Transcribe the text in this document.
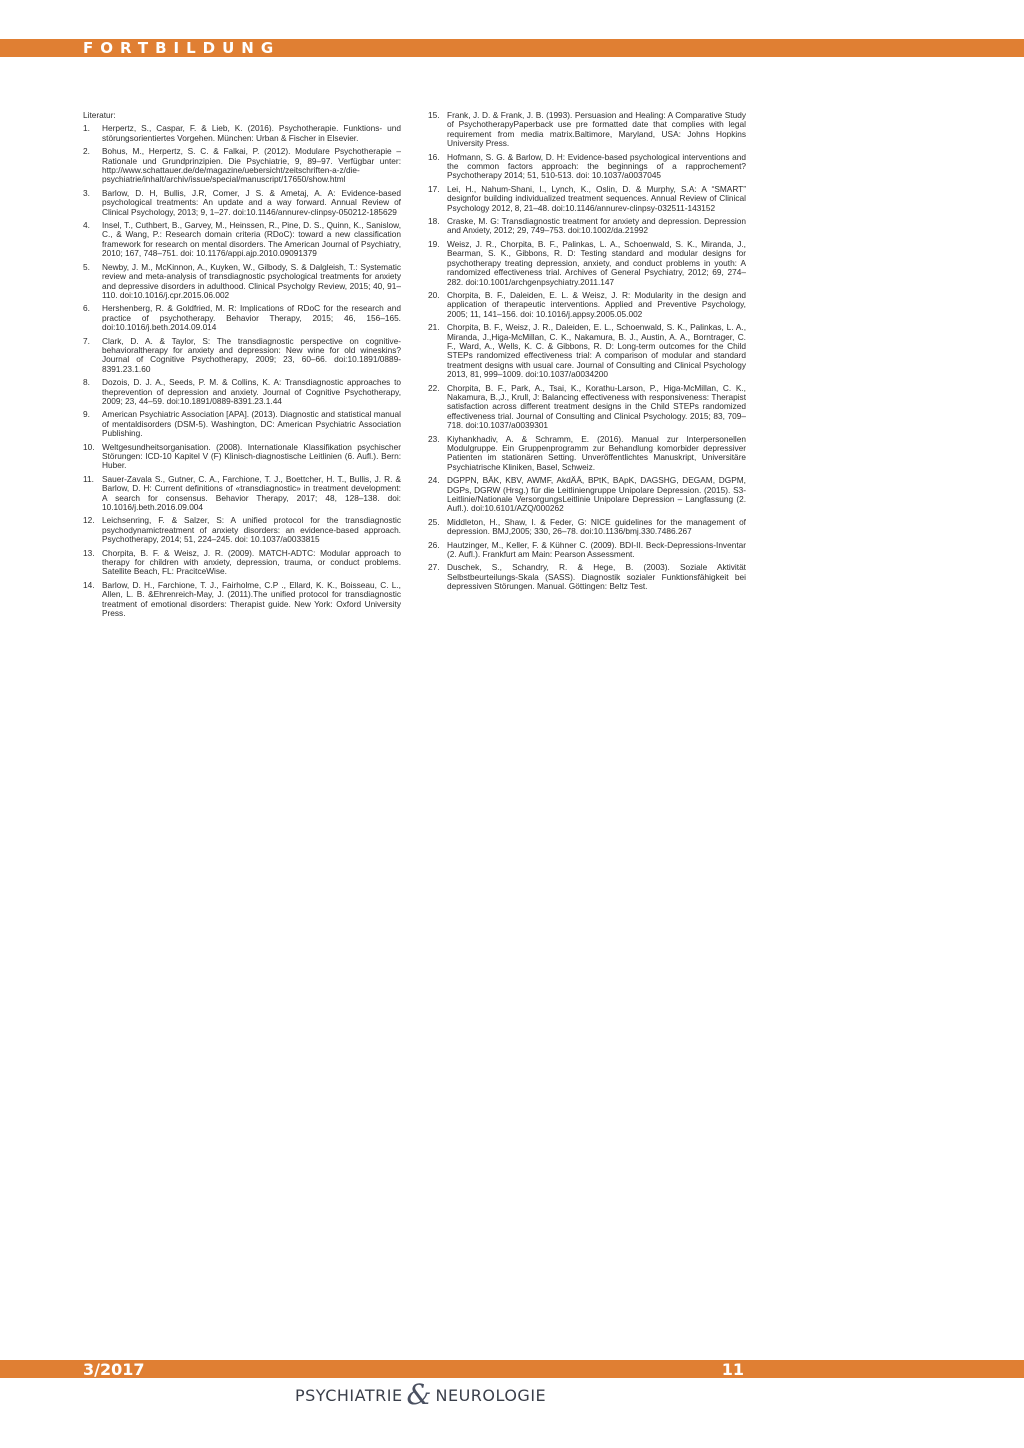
FORTBILDUNG
Literatur:
1.	Herpertz, S., Caspar, F. & Lieb, K. (2016). Psychotherapie. Funktions- und störungsorientiertes Vorgehen. München: Urban & Fischer in Elsevier.
2.	Bohus, M., Herpertz, S. C. & Falkai, P. (2012). Modulare Psychotherapie – Rationale und Grundprinzipien. Die Psychiatrie, 9, 89–97. Verfügbar unter: http://www.schattauer.de/de/magazine/uebersicht/zeitschriften-a-z/die-psychiatrie/inhalt/archiv/issue/special/manuscript/17650/show.html
3.	Barlow, D. H, Bullis, J.R, Comer, J S. & Ametaj, A. A: Evidence-based psychological treatments: An update and a way forward. Annual Review of Clinical Psychology, 2013; 9, 1–27. doi:10.1146/annurev-clinpsy-050212-185629
4.	Insel, T., Cuthbert, B., Garvey, M., Heinssen, R., Pine, D. S., Quinn, K., Sanislow, C., & Wang, P.: Research domain criteria (RDoC): toward a new classification framework for research on mental disorders. The American Journal of Psychiatry, 2010; 167, 748–751. doi: 10.1176/appi.ajp.2010.09091379
5.	Newby, J. M., McKinnon, A., Kuyken, W., Gilbody, S. & Dalgleish, T.: Systematic review and meta-analysis of transdiagnostic psychological treatments for anxiety and depressive disorders in adulthood. Clinical Psycholgy Review, 2015; 40, 91–110. doi:10.1016/j.cpr.2015.06.002
6.	Hershenberg, R. & Goldfried, M. R: Implications of RDoC for the research and practice of psychotherapy. Behavior Therapy, 2015; 46, 156–165. doi:10.1016/j.beth.2014.09.014
7.	Clark, D. A. & Taylor, S: The transdiagnostic perspective on cognitive-behavioraltherapy for anxiety and depression: New wine for old wineskins? Journal of Cognitive Psychotherapy, 2009; 23, 60–66. doi:10.1891/0889-8391.23.1.60
8.	Dozois, D. J. A., Seeds, P. M. & Collins, K. A: Transdiagnostic approaches to theprevention of depression and anxiety. Journal of Cognitive Psychotherapy, 2009; 23, 44–59. doi:10.1891/0889-8391.23.1.44
9.	American Psychiatric Association [APA]. (2013). Diagnostic and statistical manual of mentaldisorders (DSM-5). Washington, DC: American Psychiatric Association Publishing.
10. Weltgesundheitsorganisation. (2008). Internationale Klassifikation psychischer Störungen: ICD-10 Kapitel V (F) Klinisch-diagnostische Leitlinien (6. Aufl.). Bern: Huber.
11. Sauer-Zavala S., Gutner, C. A., Farchione, T. J., Boettcher, H. T., Bullis, J. R. & Barlow, D. H: Current definitions of «transdiagnostic» in treatment development: A search for consensus. Behavior Therapy, 2017; 48, 128–138. doi: 10.1016/j.beth.2016.09.004
12. Leichsenring, F. & Salzer, S: A unified protocol for the transdiagnostic psychodynamictreatment of anxiety disorders: an evidence-based approach. Psychotherapy, 2014; 51, 224–245. doi: 10.1037/a0033815
13. Chorpita, B. F. & Weisz, J. R. (2009). MATCH-ADTC: Modular approach to therapy for children with anxiety, depression, trauma, or conduct problems. Satellite Beach, FL: PracitceWise.
14. Barlow, D. H., Farchione, T. J., Fairholme, C.P ., Ellard, K. K., Boisseau, C. L., Allen, L. B. &Ehrenreich-May, J. (2011).The unified protocol for transdiagnostic treatment of emotional disorders: Therapist guide. New York: Oxford University Press.
15. Frank, J. D. & Frank, J. B. (1993). Persuasion and Healing: A Comparative Study of PsychotherapyPaperback use pre formatted date that complies with legal requirement from media matrix.Baltimore, Maryland, USA: Johns Hopkins University Press.
16. Hofmann, S. G. & Barlow, D. H: Evidence-based psychological interventions and the common factors approach: the beginnings of a rapprochement? Psychotherapy 2014; 51, 510-513. doi: 10.1037/a0037045
17. Lei, H., Nahum-Shani, I., Lynch, K., Oslin, D. & Murphy, S.A: A “SMART” designfor building individualized treatment sequences. Annual Review of Clinical Psychology 2012, 8, 21–48. doi:10.1146/annurev-clinpsy-032511-143152
18. Craske, M. G: Transdiagnostic treatment for anxiety and depression. Depression and Anxiety, 2012; 29, 749–753. doi:10.1002/da.21992
19. Weisz, J. R., Chorpita, B. F., Palinkas, L. A., Schoenwald, S. K., Miranda, J., Bearman, S. K., Gibbons, R. D: Testing standard and modular designs for psychotherapy treating depression, anxiety, and conduct problems in youth: A randomized effectiveness trial. Archives of General Psychiatry, 2012; 69, 274–282. doi:10.1001/archgenpsychiatry.2011.147
20. Chorpita, B. F., Daleiden, E. L. & Weisz, J. R: Modularity in the design and application of therapeutic interventions. Applied and Preventive Psychology, 2005; 11, 141–156. doi: 10.1016/j.appsy.2005.05.002
21. Chorpita, B. F., Weisz, J. R., Daleiden, E. L., Schoenwald, S. K., Palinkas, L. A., Miranda, J.,Higa-McMillan, C. K., Nakamura, B. J., Austin, A. A., Borntrager, C. F., Ward, A., Wells, K. C. & Gibbons, R. D: Long-term outcomes for the Child STEPs randomized effectiveness trial: A comparison of modular and standard treatment designs with usual care. Journal of Consulting and Clinical Psychology 2013, 81, 999–1009. doi:10.1037/a0034200
22. Chorpita, B. F., Park, A., Tsai, K., Korathu-Larson, P., Higa-McMillan, C. K., Nakamura, B.,J., Krull, J: Balancing effectiveness with responsiveness: Therapist satisfaction across different treatment designs in the Child STEPs randomized effectiveness trial. Journal of Consulting and Clinical Psychology. 2015; 83, 709–718. doi:10.1037/a0039301
23. Kiyhankhadiv, A. & Schramm, E. (2016). Manual zur Interpersonellen Modulgruppe. Ein Gruppenprogramm zur Behandlung komorbider depressiver Patienten im stationären Setting. Unveröffentlichtes Manuskript, Universitäre Psychiatrische Kliniken, Basel, Schweiz.
24. DGPPN, BÄK, KBV, AWMF, AkdÄÄ, BPtK, BApK, DAGSHG, DEGAM, DGPM, DGPs, DGRW (Hrsg.) für die Leitliniengruppe Unipolare Depression. (2015). S3-Leitlinie/Nationale VersorgungsLeitlinie Unipolare Depression – Langfassung (2. Aufl.). doi:10.6101/AZQ/000262
25. Middleton, H., Shaw, I. & Feder, G: NICE guidelines for the management of depression. BMJ,2005; 330, 26–78. doi:10.1136/bmj.330.7486.267
26. Hautzinger, M., Keller, F. & Kühner C. (2009). BDI-II. Beck-Depressions-Inventar (2. Aufl.). Frankfurt am Main: Pearson Assessment.
27. Duschek, S., Schandry, R. & Hege, B. (2003). Soziale Aktivität Selbstbeurteilungs-Skala (SASS). Diagnostik sozialer Funktionsfähigkeit bei depressiven Störungen. Manual. Göttingen: Beltz Test.
3/2017	11
PSYCHIATRIE & NEUROLOGIE
